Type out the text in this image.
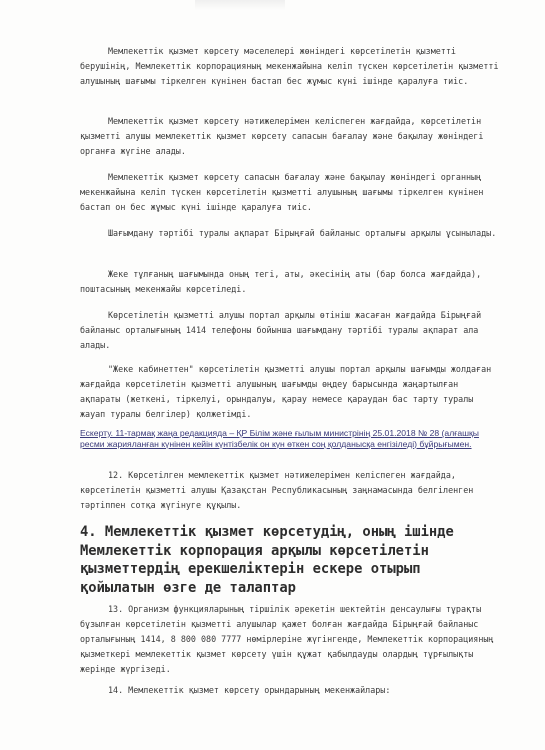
Мемлекеттік қызмет көрсету мәселелері жөніндегі көрсетілетін қызметті берушінің, Мемлекеттік корпорацияның мекенжайына келіп түскен көрсетілетін қызметті алушының шағымы тіркелген күнінен бастап бес жұмыс күні ішінде қаралуға тиіс.

Мемлекеттік қызмет көрсету нәтижелерімен келіспеген жағдайда, көрсетілетін қызметті алушы мемлекеттік қызмет көрсету сапасын бағалау және бақылау жөніндегі органға жүгіне алады.

Мемлекеттік қызмет көрсету сапасын бағалау және бақылау жөніндегі органның мекенжайына келіп түскен көрсетілетін қызметті алушының шағымы тіркелген күнінен бастап он бес жұмыс күні ішінде қаралуға тиіс.

Шағымдану тәртібі туралы ақпарат Бірыңғай байланыс орталығы арқылы ұсынылады.

Жеке тұлғаның шағымында оның тегі, аты, әкесінің аты (бар болса жағдайда), поштасының мекенжайы көрсетіледі.

Көрсетілетін қызметті алушы портал арқылы өтініш жасаған жағдайда Бірыңғай байланыс орталығының 1414 телефоны бойынша шағымдану тәртібі туралы ақпарат ала алады.

"Жеке кабинеттен" көрсетілетін қызметті алушы портал арқылы шағымды жолдаған жағдайда көрсетілетін қызметті алушының шағымды өңдеу барысында жаңартылған ақпараты (жеткені, тіркелуі, орындалуы, қарау немесе қараудан бас тарту туралы жауап туралы белгілер) қолжетімді.

Ескерту. 11-тармақ жаңа редакцияда – ҚР Білім және ғылым министрінің 25.01.2018 № 28 (алғашқы ресми жарияланған күнінен кейін күнтізбелік он күн өткен соң қолданысқа енгізіледі) бұйрығымен.

12. Көрсетілген мемлекеттік қызмет нәтижелерімен келіспеген жағдайда, көрсетілетін қызметті алушы Қазақстан Республикасының заңнамасында белгіленген тәртіппен сотқа жүгінуге құқылы.

4. Мемлекеттік қызмет көрсетудің, оның ішінде Мемлекеттік корпорация арқылы көрсетілетін қызметтердің ерекшеліктерін ескере отырып қойылатын өзге де талаптар

13. Организм функцияларының тіршілік әрекетін шектейтін денсаулығы тұрақты бұзылған көрсетілетін қызметті алушылар қажет болған жағдайда Бірыңғай байланыс орталығының 1414, 8 800 080 7777 нөмірлеріне жүгінгенде, Мемлекеттік корпорацияның қызметкері мемлекеттік қызмет көрсету үшін құжат қабылдауды олардың тұрғылықты жерінде жүргізеді.

14. Мемлекеттік қызмет көрсету орындарының мекенжайлары:
